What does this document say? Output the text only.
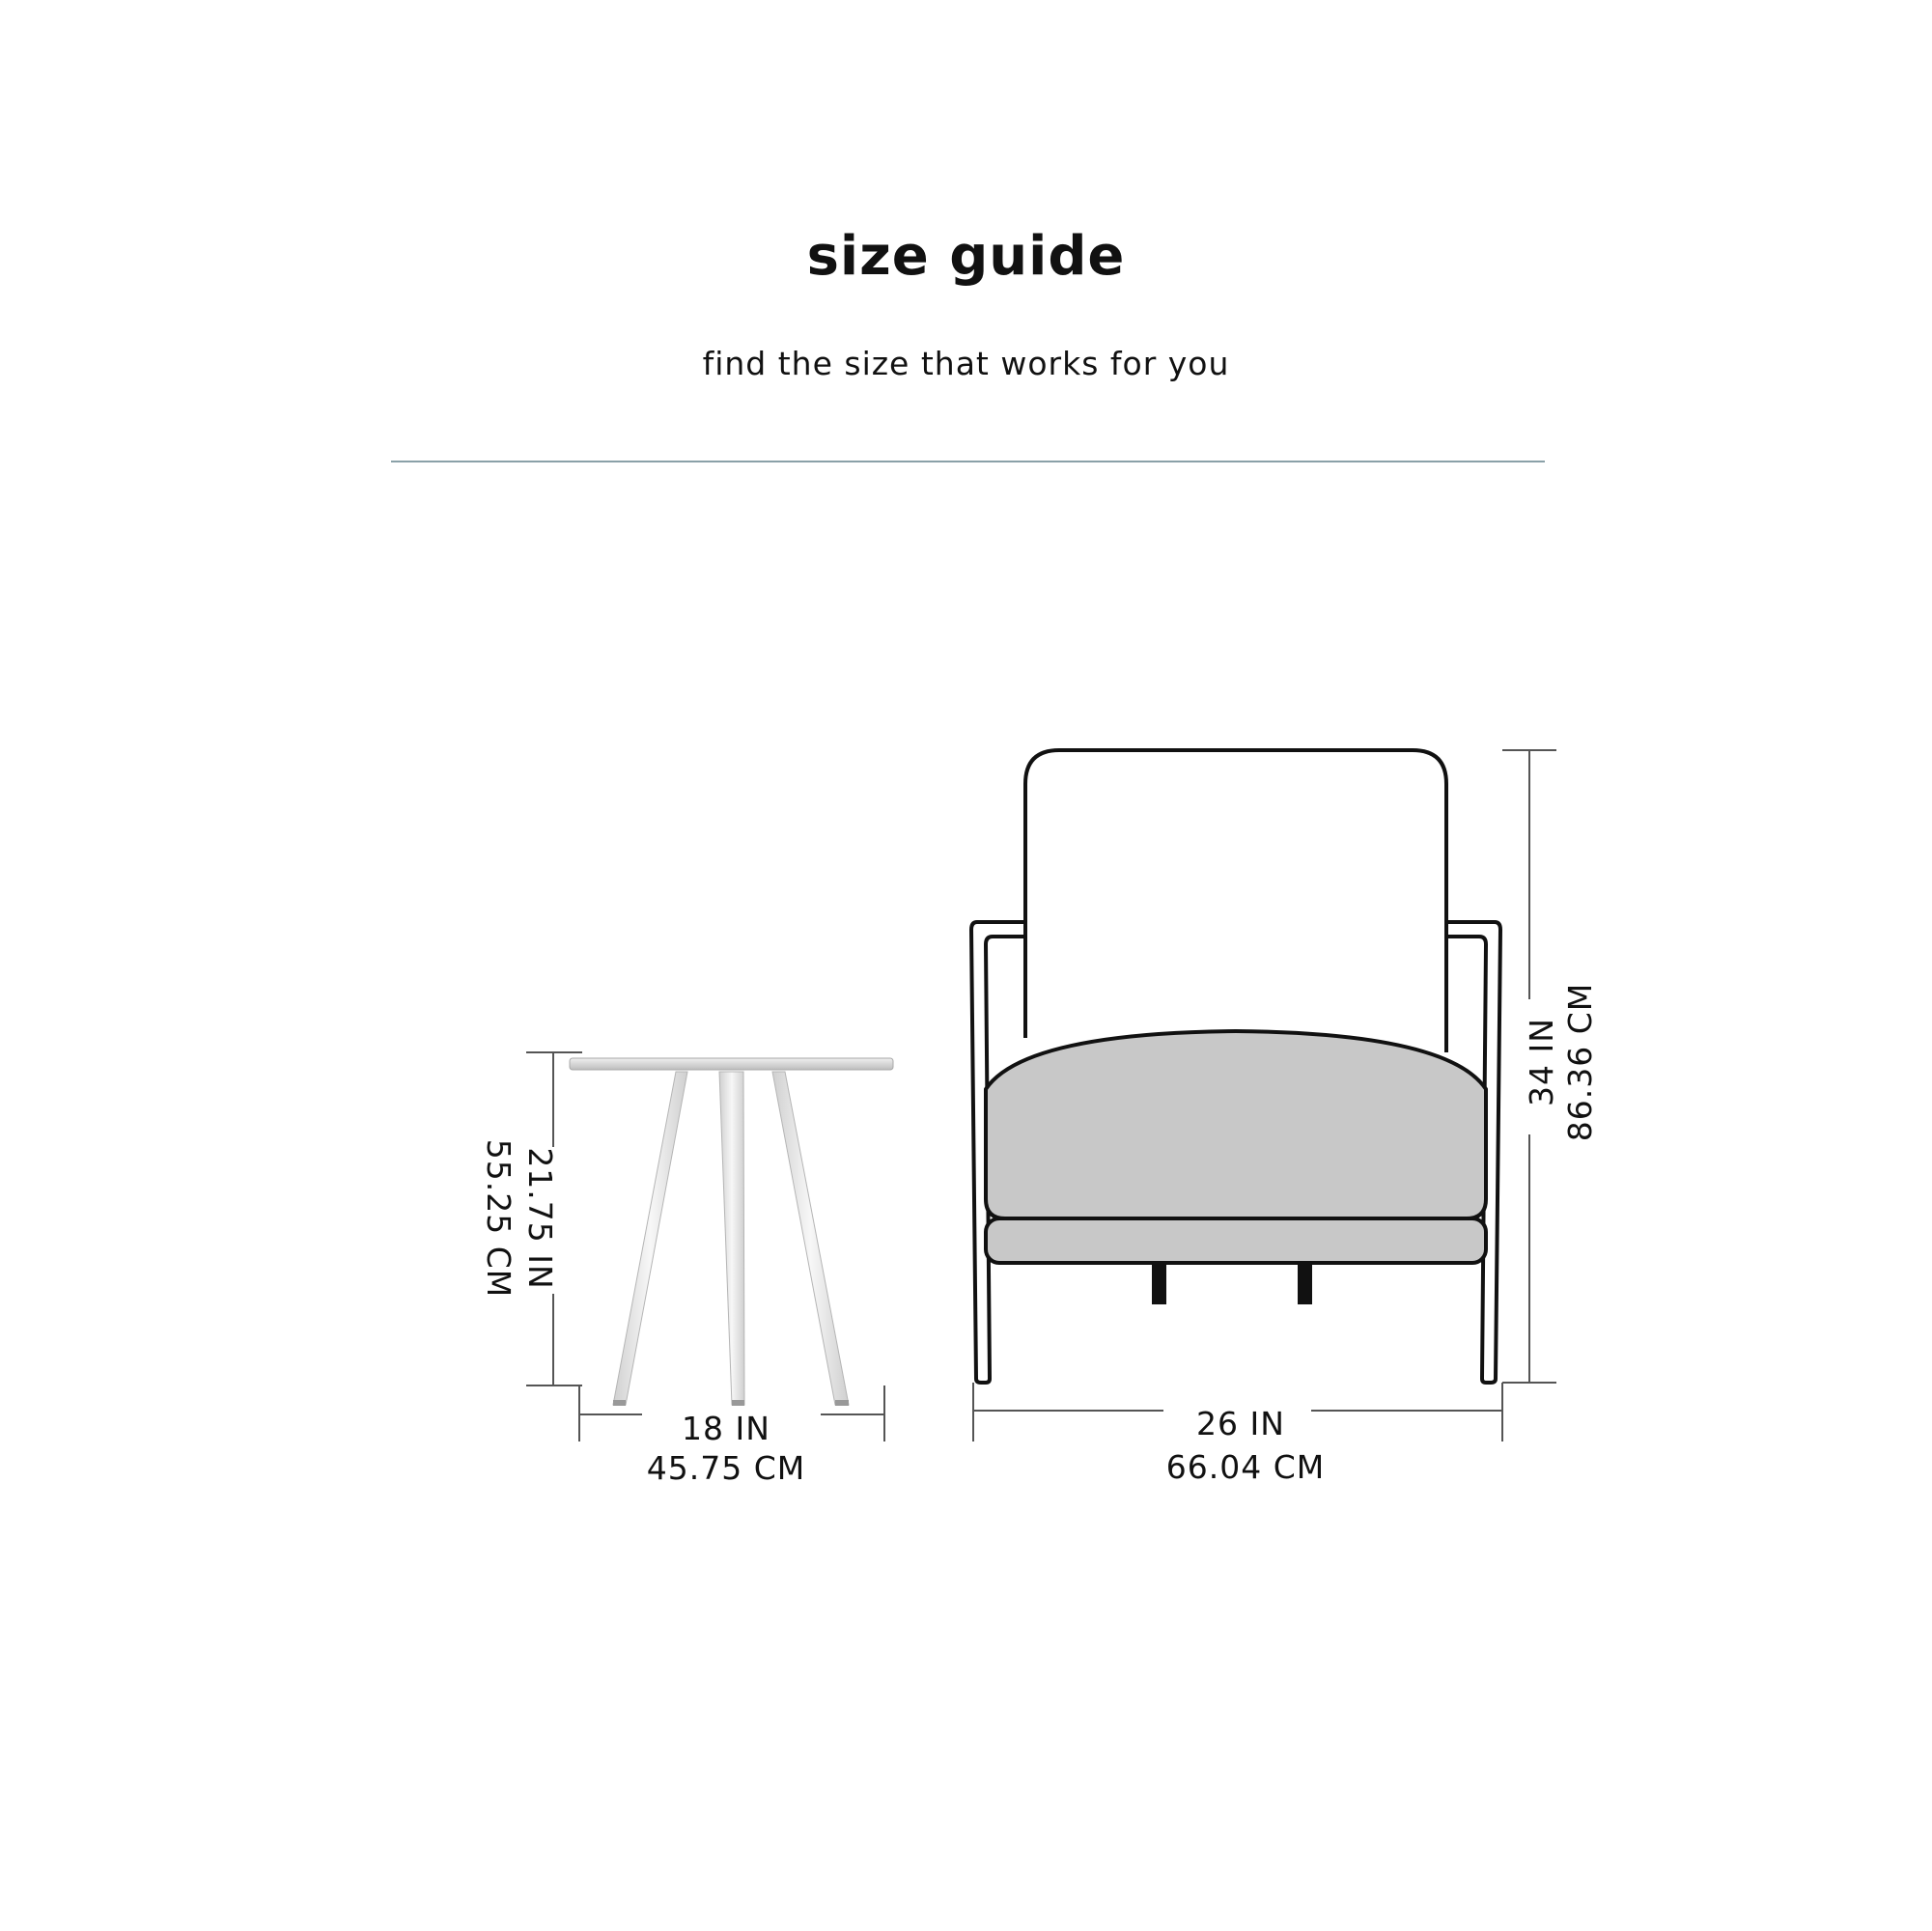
size guide
find the size that works for you
21.75 IN
55.25 CM
18 IN
45.75 CM
34 IN 86.36 CM
26 IN
66.04 CM
